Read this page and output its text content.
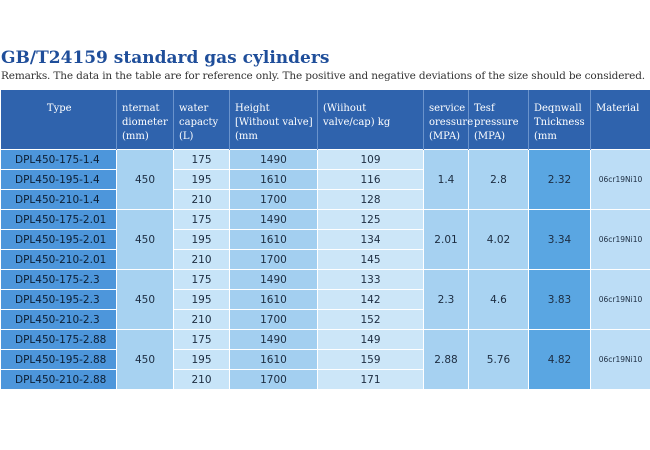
GB/T24159 standard gas cylinders
Remarks. The data in the table are for reference only. The positive and negative deviations of the size should be considered.
Type	nternat diometer (mm)	water capacty (L)	Height [Without valve] (mm	(Wiihout valve/cap) kg	service oressure (MPA)	Tesf pressure (MPA)	Deqnwall Tnickness (mm	Material
DPL450-175-1.4	450	175	1490	109	1.4	2.8	2.32	06cr19Ni10
DPL450-195-1.4		195	1610	116				
DPL450-210-1.4		210	1700	128				
DPL450-175-2.01	450	175	1490	125	2.01	4.02	3.34	06cr19Ni10
DPL450-195-2.01		195	1610	134				
DPL450-210-2.01		210	1700	145				
DPL450-175-2.3	450	175	1490	133	2.3	4.6	3.83	06cr19Ni10
DPL450-195-2.3		195	1610	142				
DPL450-210-2.3		210	1700	152				
DPL450-175-2.88	450	175	1490	149	2.88	5.76	4.82	06cr19Ni10
DPL450-195-2.88		195	1610	159				
DPL450-210-2.88		210	1700	171				
